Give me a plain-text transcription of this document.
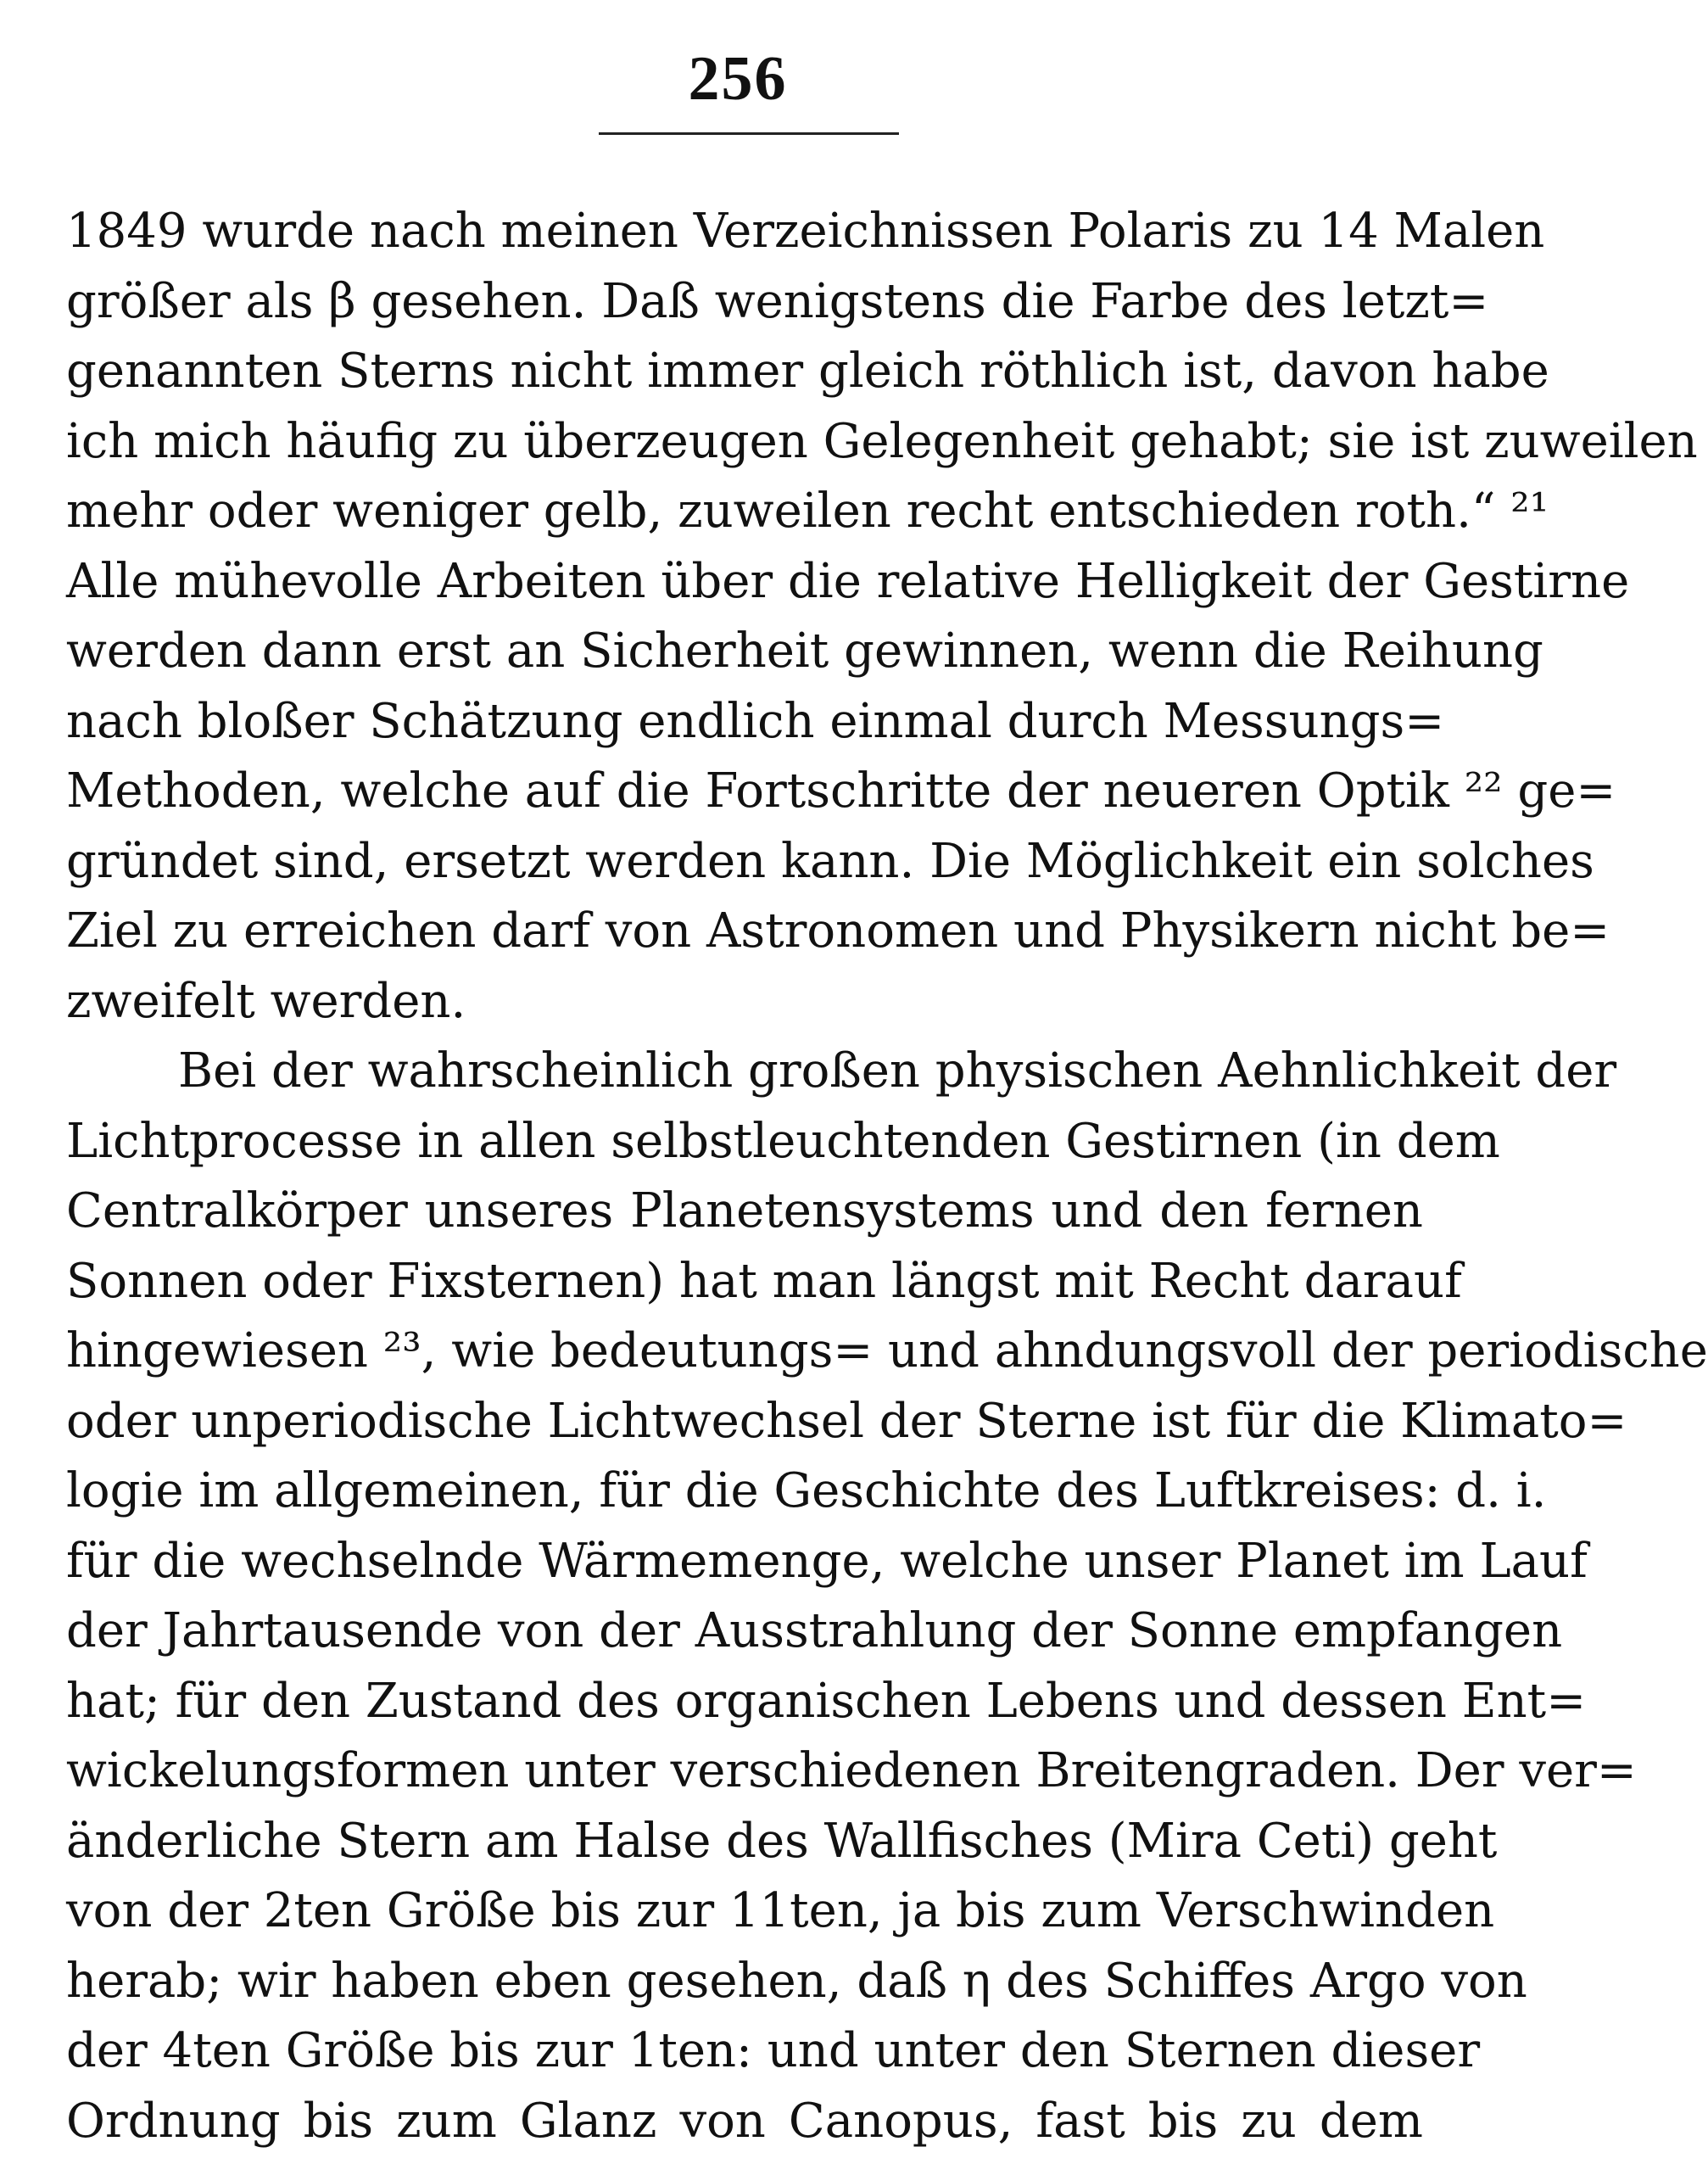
256
1849 wurde nach meinen Verzeichnissen Polaris zu 14 Malen
größer als β gesehen. Daß wenigstens die Farbe des letzt=
genannten Sterns nicht immer gleich röthlich ist, davon habe
ich mich häufig zu überzeugen Gelegenheit gehabt; sie ist zuweilen
mehr oder weniger gelb, zuweilen recht entschieden roth.“ ²¹
Alle mühevolle Arbeiten über die relative Helligkeit der Gestirne
werden dann erst an Sicherheit gewinnen, wenn die Reihung
nach bloßer Schätzung endlich einmal durch Messungs=
Methoden, welche auf die Fortschritte der neueren Optik ²² ge=
gründet sind, ersetzt werden kann. Die Möglichkeit ein solches
Ziel zu erreichen darf von Astronomen und Physikern nicht be=
zweifelt werden.
Bei der wahrscheinlich großen physischen Aehnlichkeit der
Lichtprocesse in allen selbstleuchtenden Gestirnen (in dem
Centralkörper unseres Planetensystems und den fernen
Sonnen oder Fixsternen) hat man längst mit Recht darauf
hingewiesen ²³, wie bedeutungs= und ahndungsvoll der periodische
oder unperiodische Lichtwechsel der Sterne ist für die Klimato=
logie im allgemeinen, für die Geschichte des Luftkreises: d. i.
für die wechselnde Wärmemenge, welche unser Planet im Lauf
der Jahrtausende von der Ausstrahlung der Sonne empfangen
hat; für den Zustand des organischen Lebens und dessen Ent=
wickelungsformen unter verschiedenen Breitengraden. Der ver=
änderliche Stern am Halse des Wallfisches (Mira Ceti) geht
von der 2ten Größe bis zur 11ten, ja bis zum Verschwinden
herab; wir haben eben gesehen, daß η des Schiffes Argo von
der 4ten Größe bis zur 1ten: und unter den Sternen dieser
Ordnung bis zum Glanz von Canopus, fast bis zu dem
